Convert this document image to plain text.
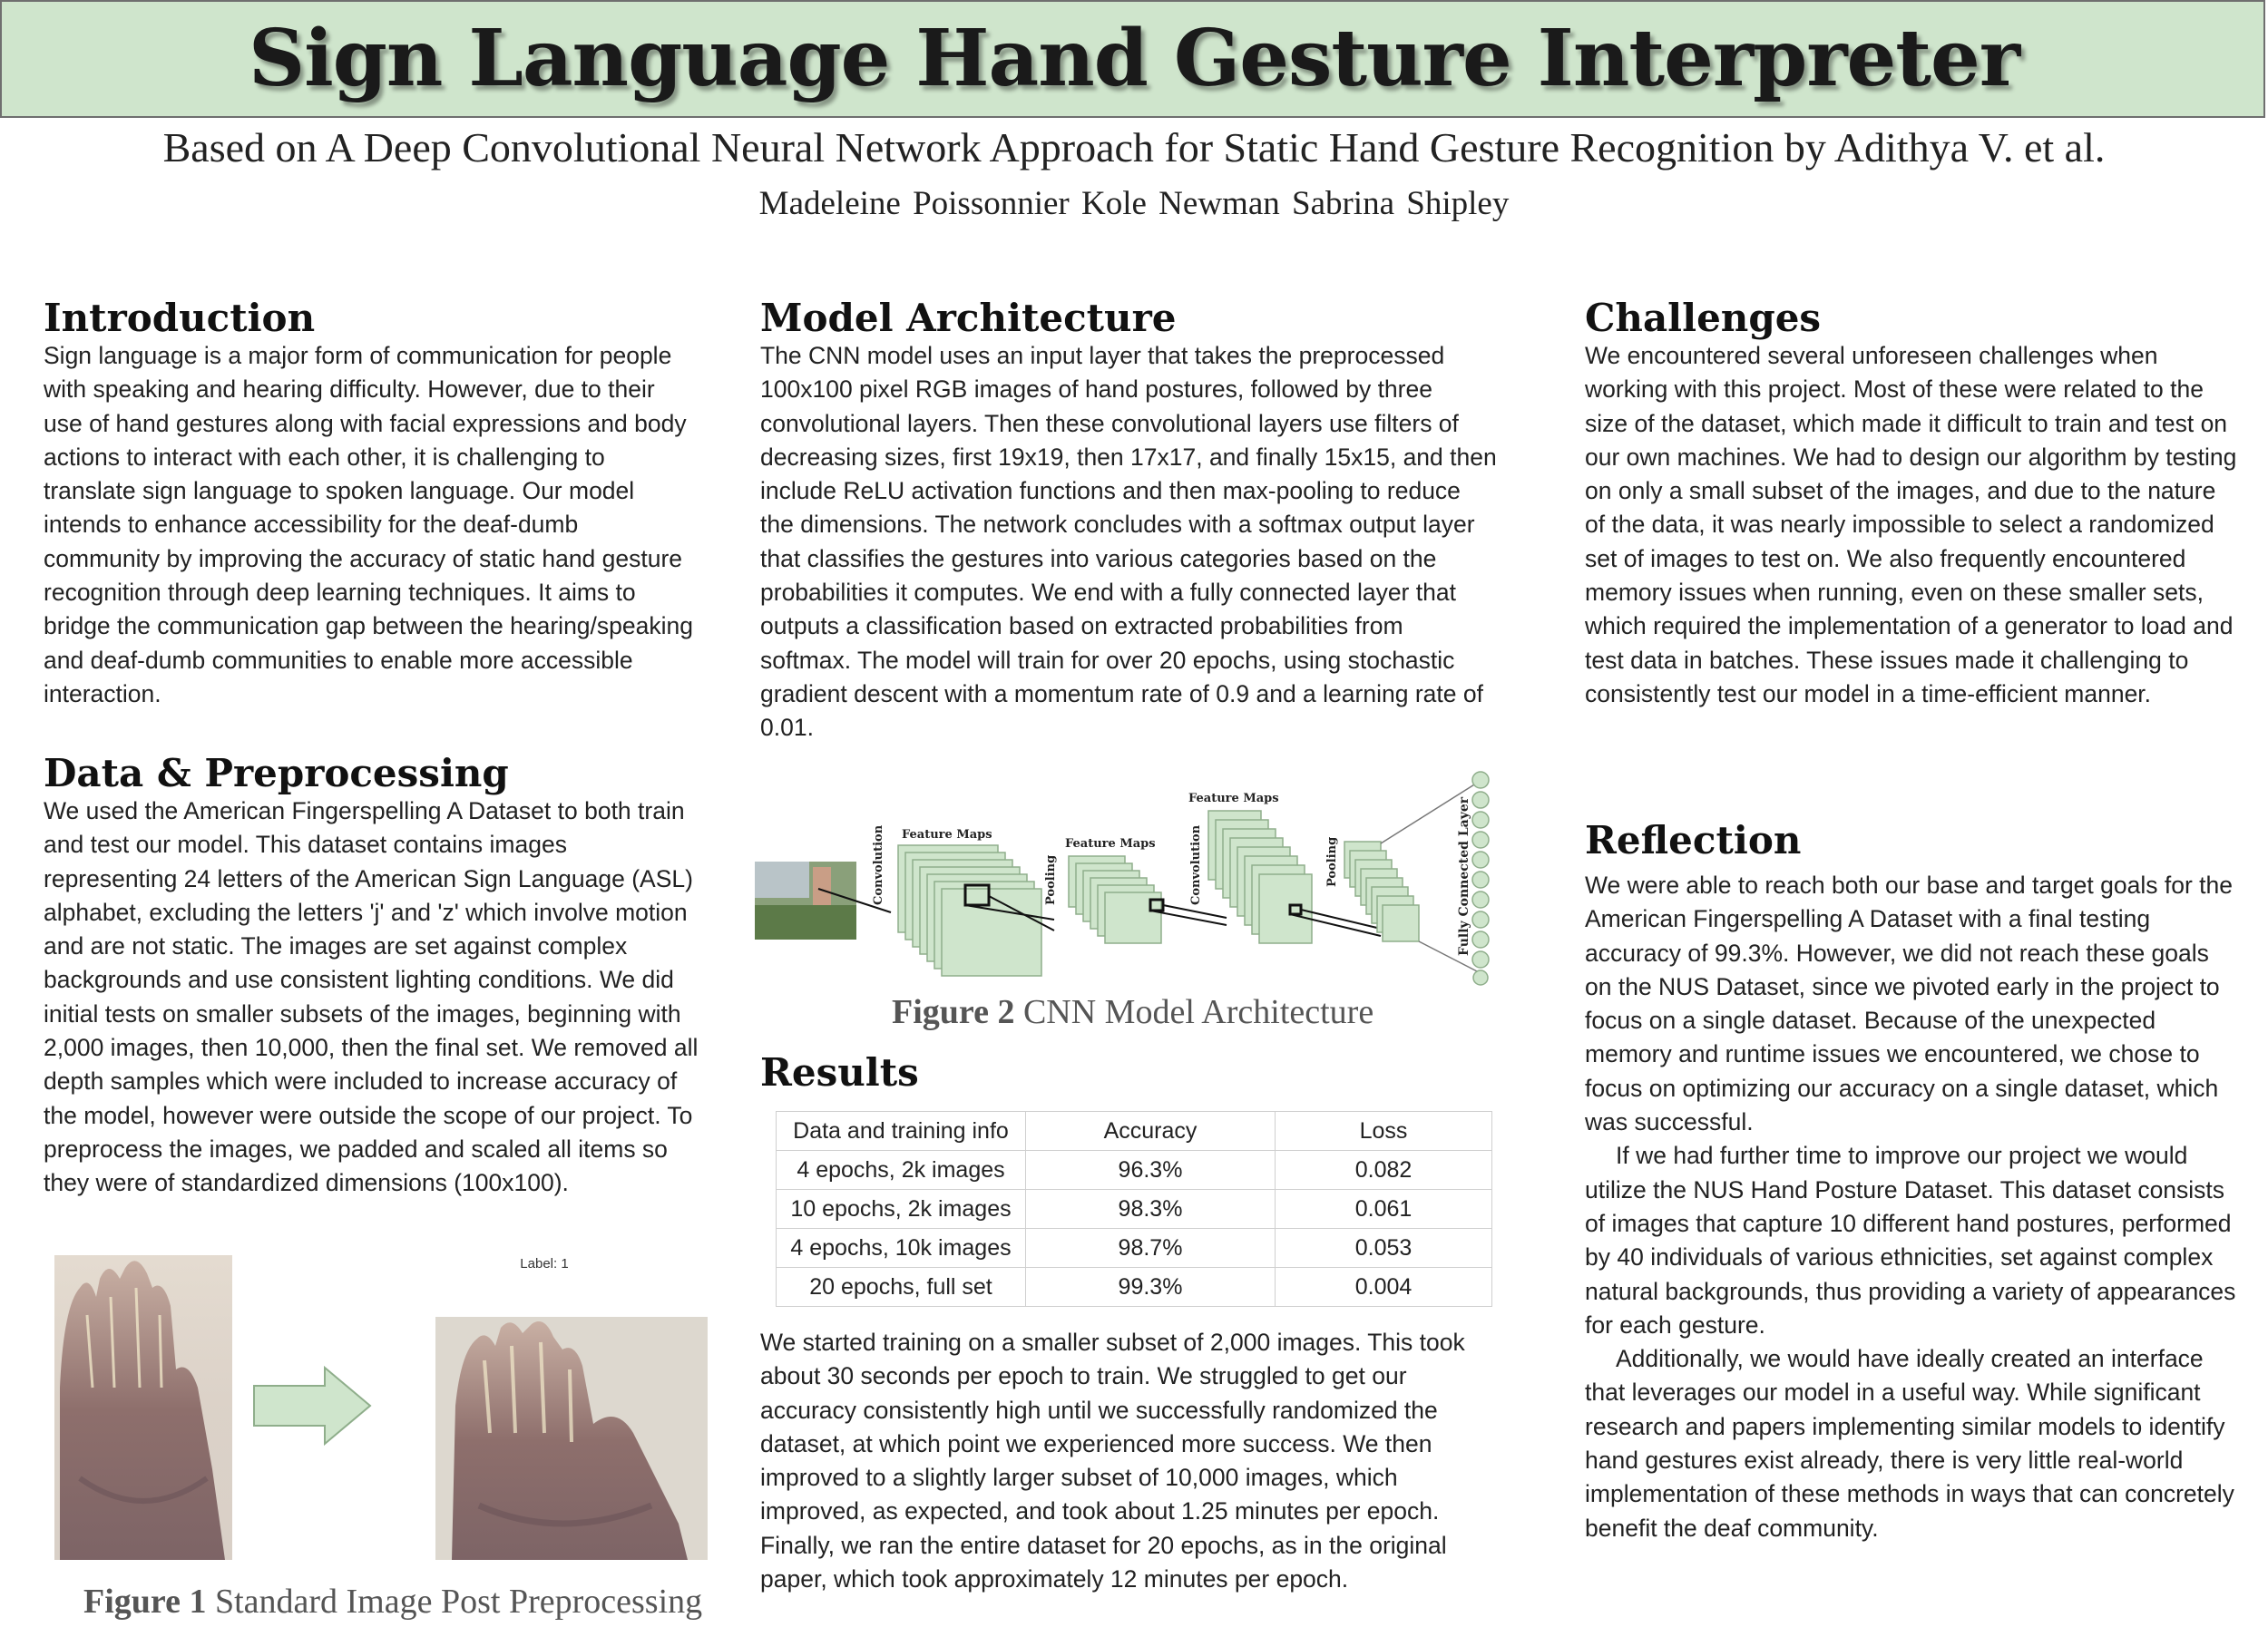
Sign Language Hand Gesture Interpreter
Based on A Deep Convolutional Neural Network Approach for Static Hand Gesture Recognition by Adithya V. et al.
Madeleine Poissonnier Kole Newman Sabrina Shipley
Introduction
Sign language is a major form of communication for people with speaking and hearing difficulty. However, due to their use of hand gestures along with facial expressions and body actions to interact with each other, it is challenging to translate sign language to spoken language. Our model intends to enhance accessibility for the deaf-dumb community by improving the accuracy of static hand gesture recognition through deep learning techniques. It aims to bridge the communication gap between the hearing/speaking and deaf-dumb communities to enable more accessible interaction.
Data & Preprocessing
We used the American Fingerspelling A Dataset to both train and test our model. This dataset contains images representing 24 letters of the American Sign Language (ASL) alphabet, excluding the letters 'j' and 'z' which involve motion and are not static. The images are set against complex backgrounds and use consistent lighting conditions. We did initial tests on smaller subsets of the images, beginning with 2,000 images, then 10,000, then the final set. We removed all depth samples which were included to increase accuracy of the model, however were outside the scope of our project. To preprocess the images, we padded and scaled all items so they were of standardized dimensions (100x100).
Label: 1
Figure 1 Standard Image Post Preprocessing
Model Architecture
The CNN model uses an input layer that takes the preprocessed 100x100 pixel RGB images of hand postures, followed by three convolutional layers. Then these convolutional layers use filters of decreasing sizes, first 19x19, then 17x17, and finally 15x15, and then include ReLU activation functions and then max-pooling to reduce the dimensions. The network concludes with a softmax output layer that classifies the gestures into various categories based on the probabilities it computes. We end with a fully connected layer that outputs a classification based on extracted probabilities from softmax. The model will train for over 20 epochs, using stochastic gradient descent with a momentum rate of 0.9 and a learning rate of 0.01.
Convolution Feature Maps
Pooling
Feature Maps	Convolution
Feature Maps
Pooling	Fully Connected Layer
Figure 2 CNN Model Architecture
Results
Data and training info	Accuracy	Loss
4 epochs, 2k images	96.3%	0.082
10 epochs, 2k images	98.3%	0.061
4 epochs, 10k images	98.7%	0.053
20 epochs, full set	99.3%	0.004
We started training on a smaller subset of 2,000 images. This took about 30 seconds per epoch to train. We struggled to get our accuracy consistently high until we successfully randomized the dataset, at which point we experienced more success. We then improved to a slightly larger subset of 10,000 images, which improved, as expected, and took about 1.25 minutes per epoch. Finally, we ran the entire dataset for 20 epochs, as in the original paper, which took approximately 12 minutes per epoch.
Challenges
We encountered several unforeseen challenges when working with this project. Most of these were related to the size of the dataset, which made it difficult to train and test on our own machines. We had to design our algorithm by testing on only a small subset of the images, and due to the nature of the data, it was nearly impossible to select a randomized set of images to test on. We also frequently encountered memory issues when running, even on these smaller sets, which required the implementation of a generator to load and test data in batches. These issues made it challenging to consistently test our model in a time-efficient manner.
Reflection

We were able to reach both our base and target goals for the American Fingerspelling A Dataset with a final testing accuracy of 99.3%. However, we did not reach these goals on the NUS Dataset, since we pivoted early in the project to focus on a single dataset. Because of the unexpected memory and runtime issues we encountered, we chose to focus on optimizing our accuracy on a single dataset, which was successful.

If we had further time to improve our project we would utilize the NUS Hand Posture Dataset. This dataset consists of images that capture 10 different hand postures, performed by 40 individuals of various ethnicities, set against complex natural backgrounds, thus providing a variety of appearances for each gesture.

Additionally, we would have ideally created an interface that leverages our model in a useful way. While significant research and papers implementing similar models to identify hand gestures exist already, there is very little real-world implementation of these methods in ways that can concretely benefit the deaf community.
